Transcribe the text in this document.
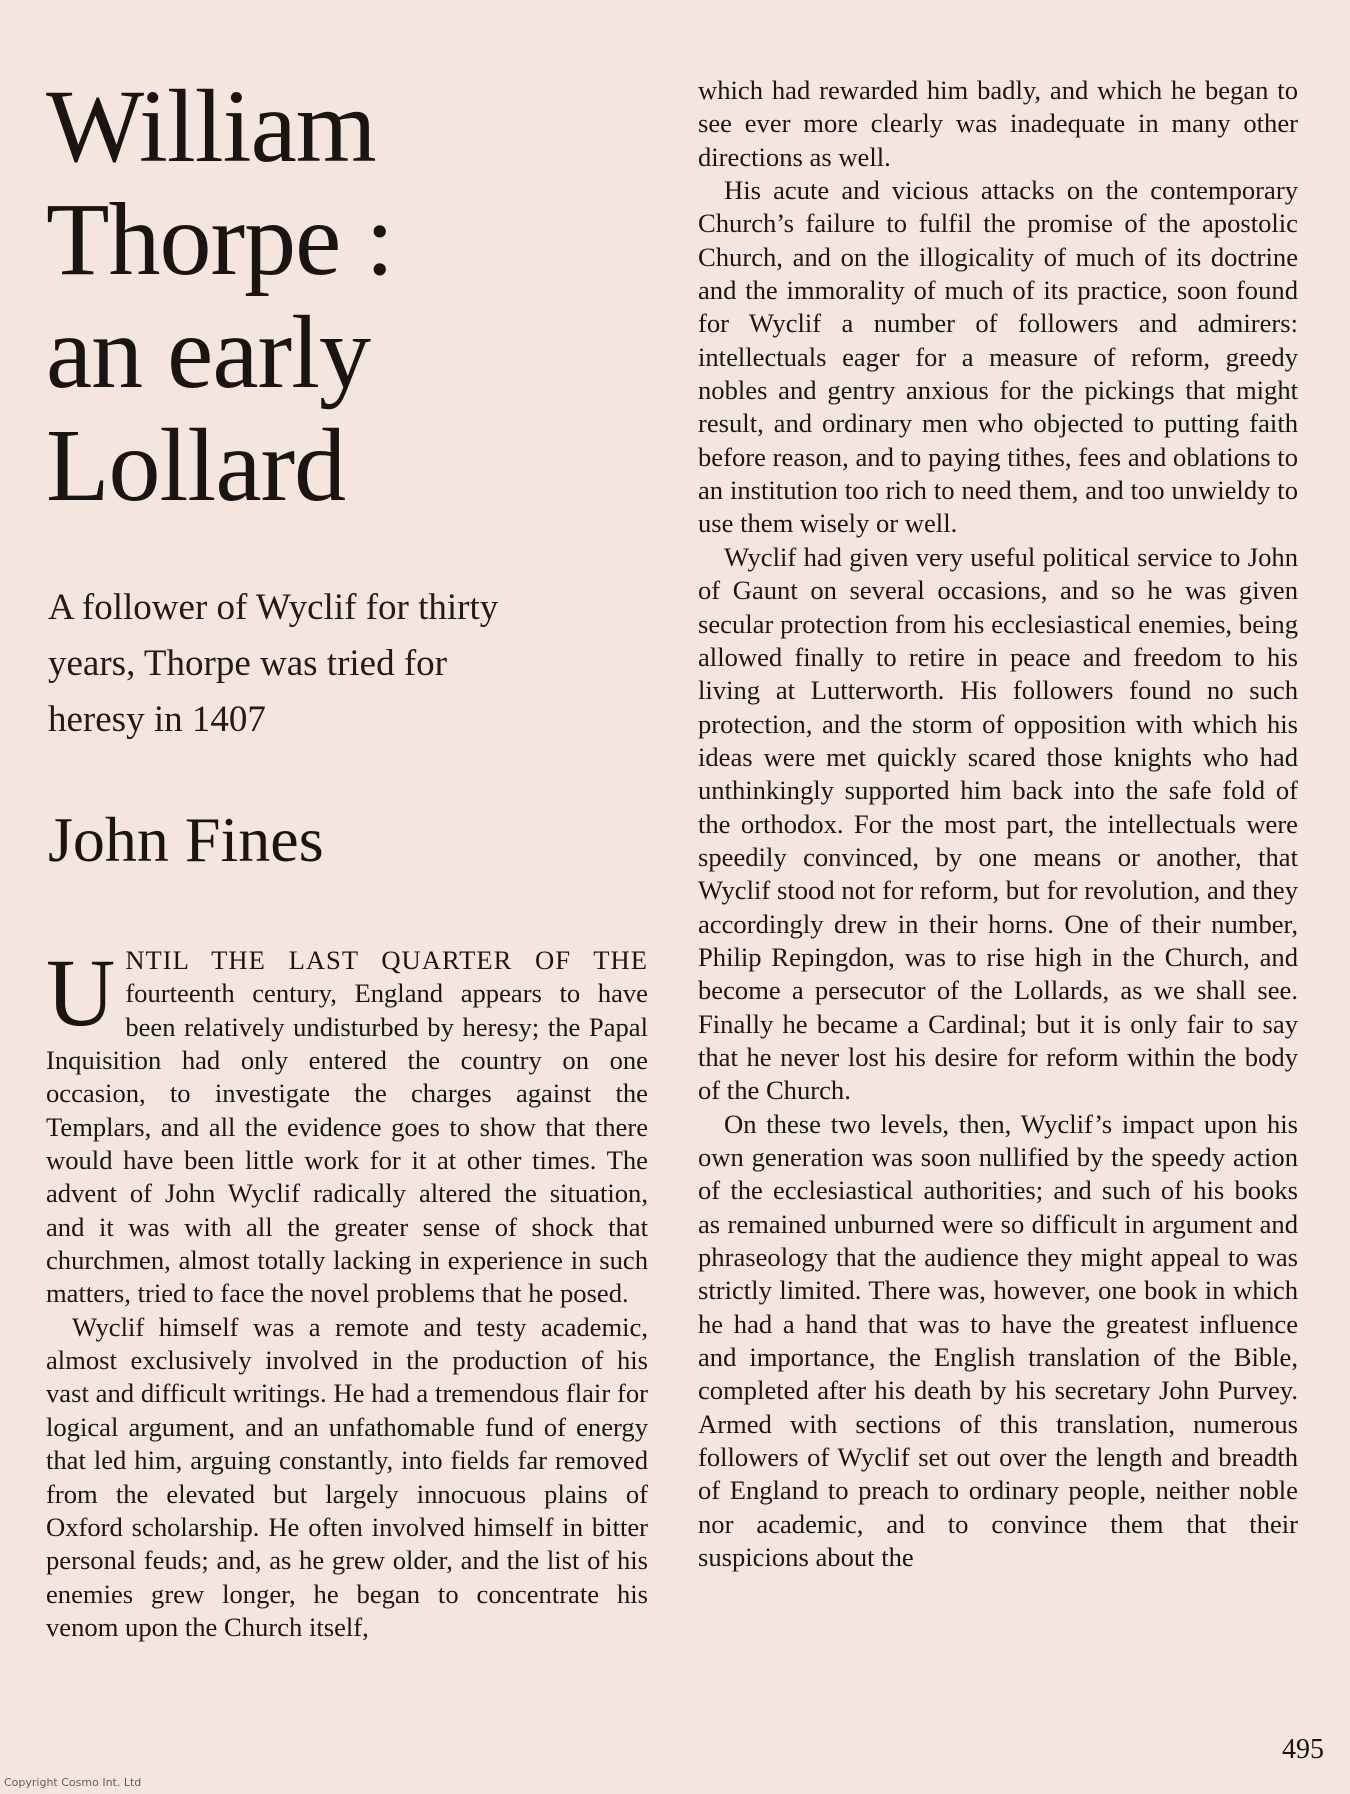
William
Thorpe :
an early
Lollard

A follower of Wyclif for thirty years, Thorpe was tried for heresy in 1407

John Fines

UNTIL THE LAST QUARTER OF THE fourteenth century, England appears to have been relatively undisturbed by heresy; the Papal Inquisition had only entered the country on one occasion, to investigate the charges against the Templars, and all the evidence goes to show that there would have been little work for it at other times. The advent of John Wyclif radically altered the situation, and it was with all the greater sense of shock that churchmen, almost totally lacking in experience in such matters, tried to face the novel problems that he posed.

Wyclif himself was a remote and testy academic, almost exclusively involved in the production of his vast and difficult writings. He had a tremendous flair for logical argument, and an unfathomable fund of energy that led him, arguing constantly, into fields far removed from the elevated but largely innocuous plains of Oxford scholarship. He often involved himself in bitter personal feuds; and, as he grew older, and the list of his enemies grew longer, he began to concentrate his venom upon the Church itself,

which had rewarded him badly, and which he began to see ever more clearly was inadequate in many other directions as well.

His acute and vicious attacks on the contemporary Church’s failure to fulfil the promise of the apostolic Church, and on the illogicality of much of its doctrine and the immorality of much of its practice, soon found for Wyclif a number of followers and admirers: intellectuals eager for a measure of reform, greedy nobles and gentry anxious for the pickings that might result, and ordinary men who objected to putting faith before reason, and to paying tithes, fees and oblations to an institution too rich to need them, and too unwieldy to use them wisely or well.

Wyclif had given very useful political service to John of Gaunt on several occasions, and so he was given secular protection from his ecclesiastical enemies, being allowed finally to retire in peace and freedom to his living at Lutterworth. His followers found no such protection, and the storm of opposition with which his ideas were met quickly scared those knights who had unthinkingly supported him back into the safe fold of the orthodox. For the most part, the intellectuals were speedily convinced, by one means or another, that Wyclif stood not for reform, but for revolution, and they accordingly drew in their horns. One of their number, Philip Repingdon, was to rise high in the Church, and become a persecutor of the Lollards, as we shall see. Finally he became a Cardinal; but it is only fair to say that he never lost his desire for reform within the body of the Church.

On these two levels, then, Wyclif’s impact upon his own generation was soon nullified by the speedy action of the ecclesiastical authorities; and such of his books as remained unburned were so difficult in argument and phraseology that the audience they might appeal to was strictly limited. There was, however, one book in which he had a hand that was to have the greatest influence and importance, the English translation of the Bible, completed after his death by his secretary John Purvey. Armed with sections of this translation, numerous followers of Wyclif set out over the length and breadth of England to preach to ordinary people, neither noble nor academic, and to convince them that their suspicions about the

495

Copyright Cosmo Int. Ltd
